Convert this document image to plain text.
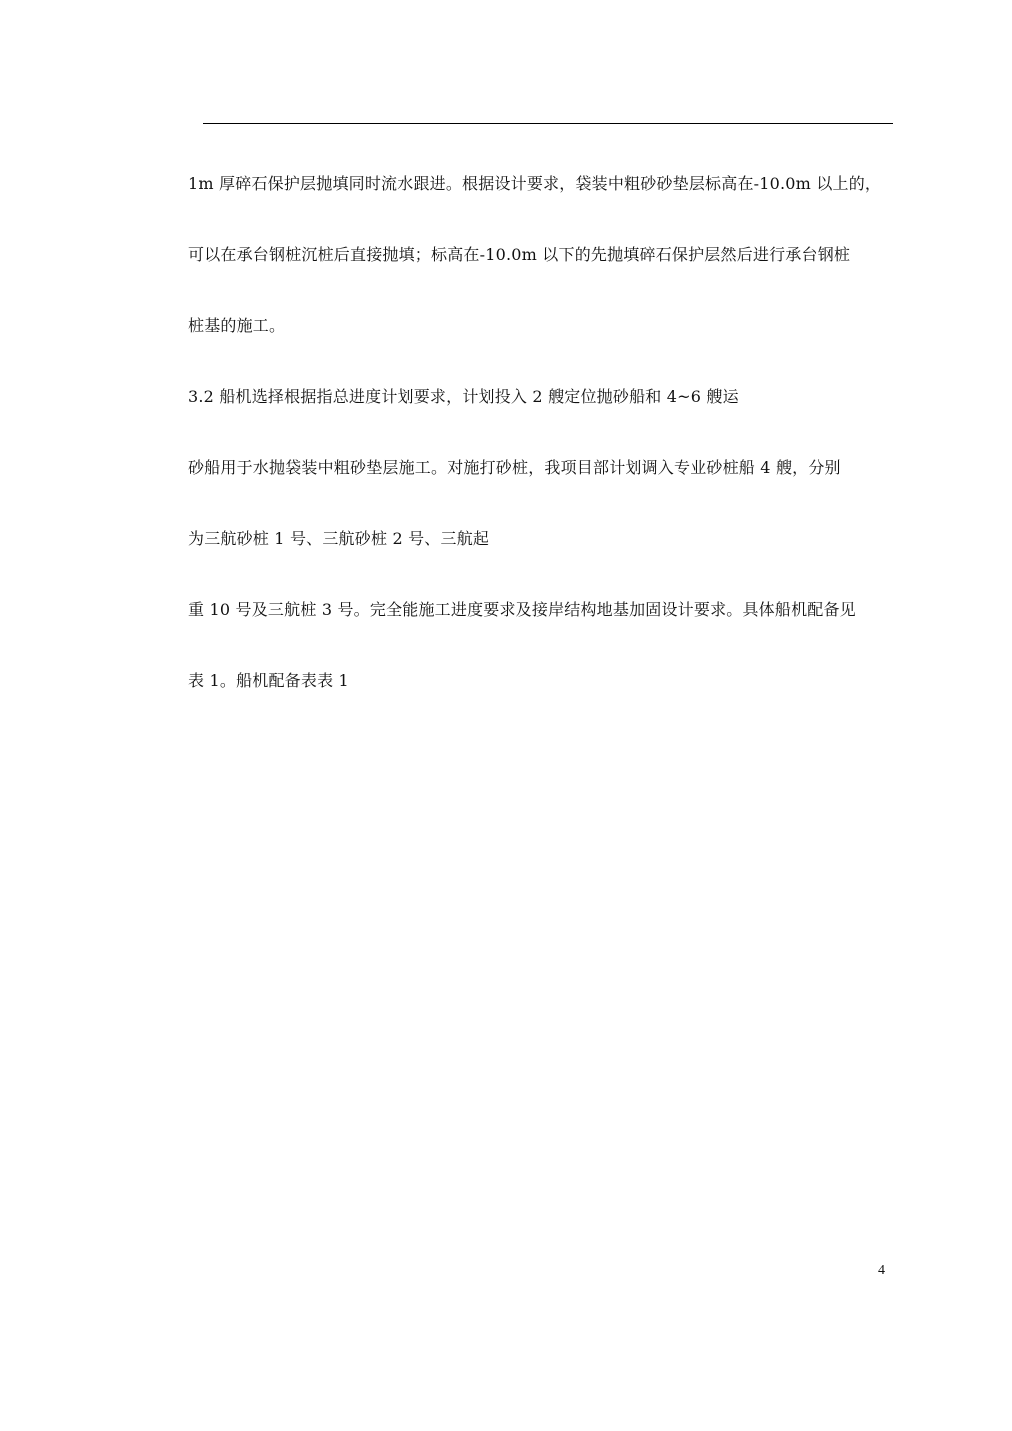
1m 厚碎石保护层抛填同时流水跟进。根据设计要求，袋装中粗砂砂垫层标高在-10.0m 以上的，
可以在承台钢桩沉桩后直接抛填；标高在-10.0m 以下的先抛填碎石保护层然后进行承台钢桩
桩基的施工。
3.2 船机选择根据指总进度计划要求，计划投入 2 艘定位抛砂船和 4~6 艘运
砂船用于水抛袋装中粗砂垫层施工。对施打砂桩，我项目部计划调入专业砂桩船 4 艘，分别
为三航砂桩 1 号、三航砂桩 2 号、三航起
重 10 号及三航桩 3 号。完全能施工进度要求及接岸结构地基加固设计要求。具体船机配备见
表 1。船机配备表表 1
4
